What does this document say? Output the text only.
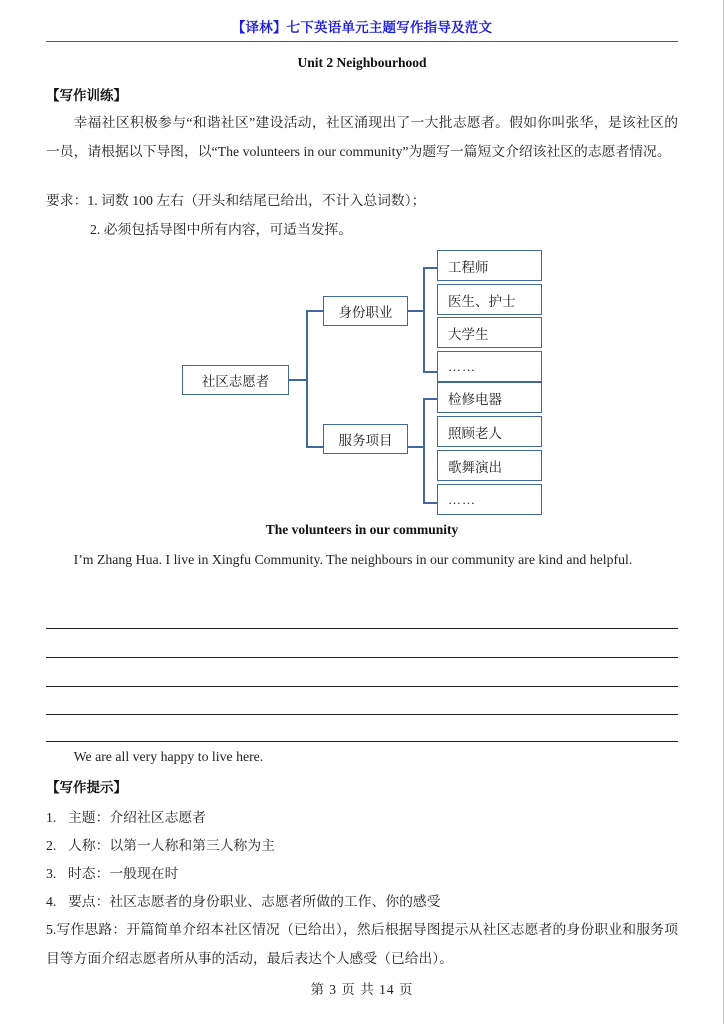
【译林】七下英语单元主题写作指导及范文
Unit 2 Neighbourhood
【写作训练】
幸福社区积极参与“和谐社区”建设活动，社区涌现出了一大批志愿者。假如你叫张华，是该社区的一员，请根据以下导图，以“The volunteers in our community”为题写一篇短文介绍该社区的志愿者情况。
要求：1. 词数 100 左右（开头和结尾已给出，不计入总词数）；
2. 必须包括导图中所有内容，可适当发挥。
社区志愿者
身份职业
服务项目
工程师
医生、护士
大学生
……
检修电器
照顾老人
歌舞演出
……
The volunteers in our community
I’m Zhang Hua. I live in Xingfu Community. The neighbours in our community are kind and helpful.
We are all very happy to live here.
【写作提示】
1. 主题：介绍社区志愿者
2. 人称：以第一人称和第三人称为主
3. 时态：一般现在时
4. 要点：社区志愿者的身份职业、志愿者所做的工作、你的感受
5.写作思路：开篇简单介绍本社区情况（已给出），然后根据导图提示从社区志愿者的身份职业和服务项目等方面介绍志愿者所从事的活动，最后表达个人感受（已给出）。
第 3 页 共 14 页
